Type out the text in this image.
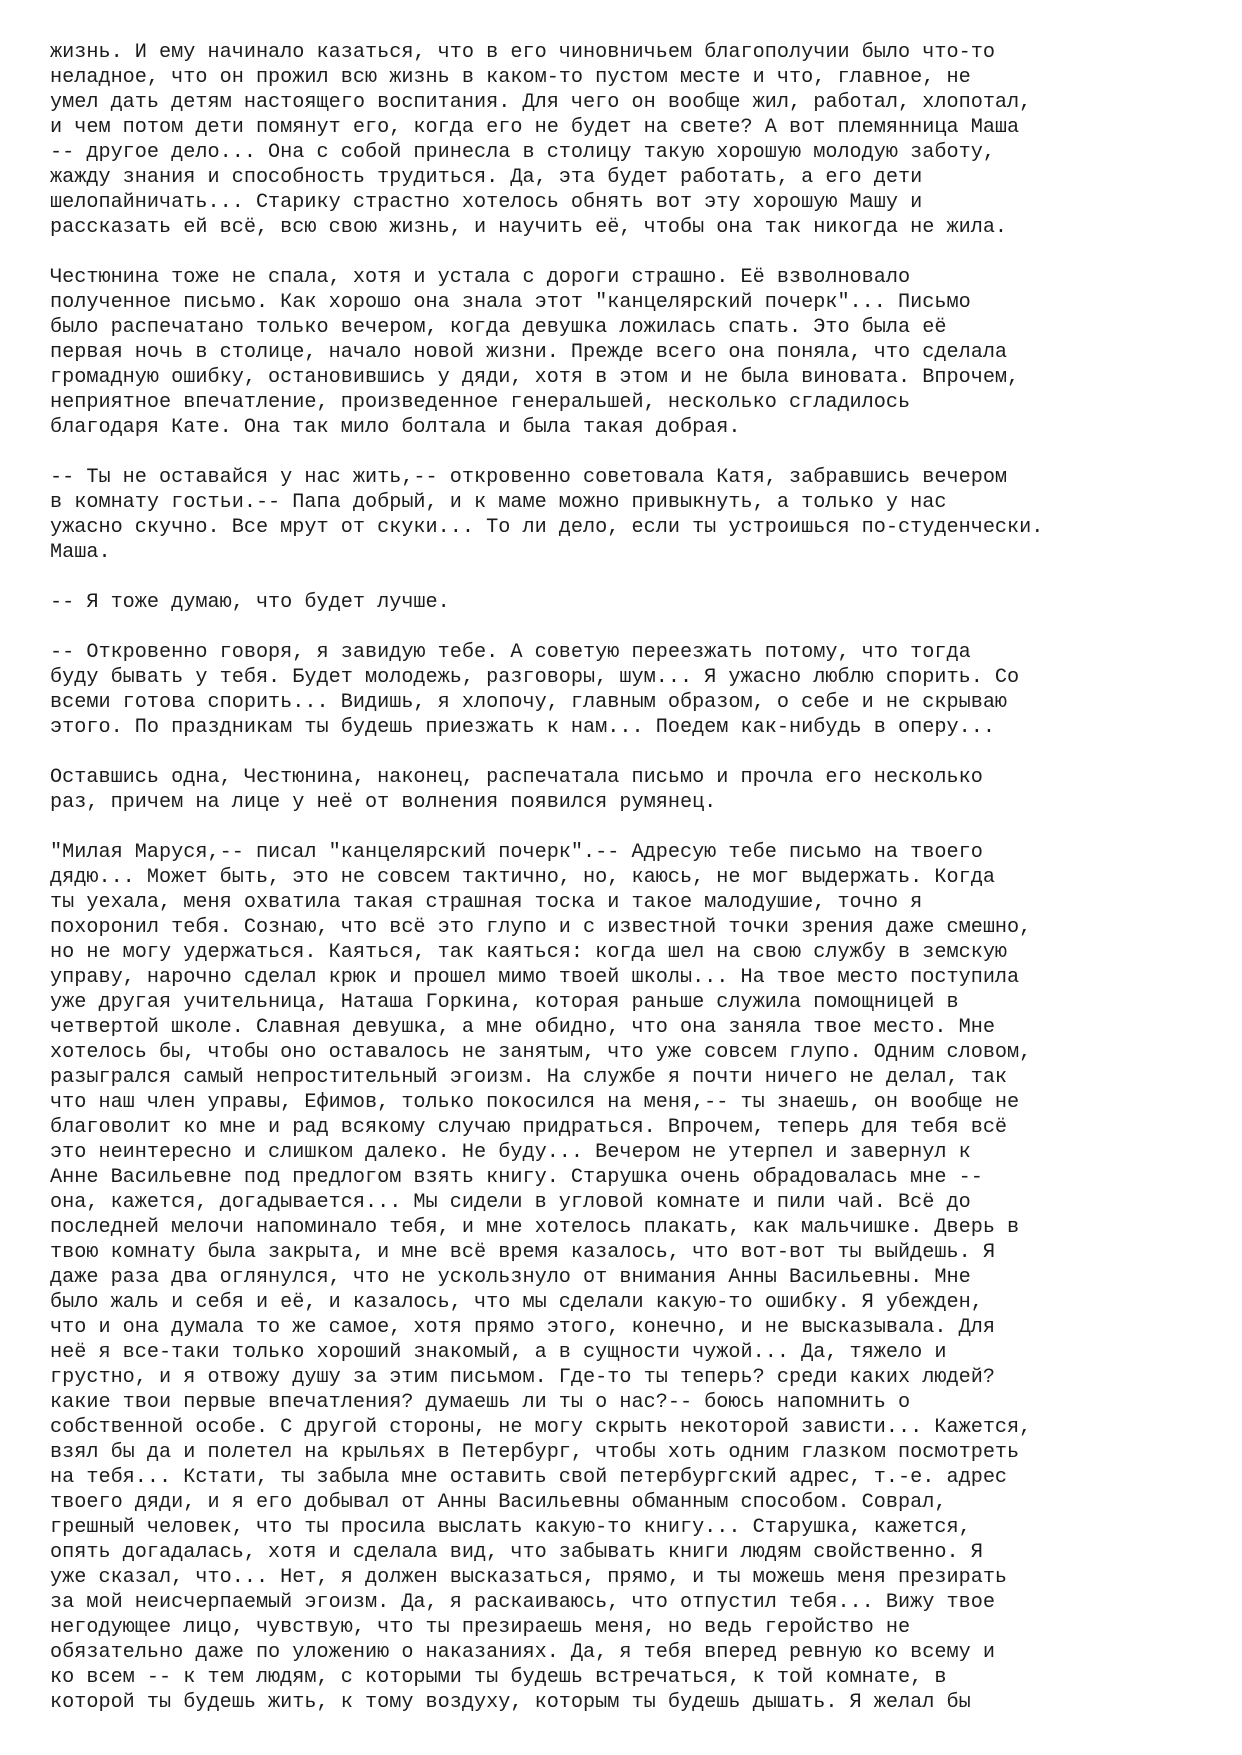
жизнь. И ему начинало казаться, что в его чиновничьем благополучии было что-то
неладное, что он прожил всю жизнь в каком-то пустом месте и что, главное, не
умел дать детям настоящего воспитания. Для чего он вообще жил, работал, хлопотал,
и чем потом дети помянут его, когда его не будет на свете? А вот племянница Маша
-- другое дело... Она с собой принесла в столицу такую хорошую молодую заботу,
жажду знания и способность трудиться. Да, эта будет работать, а его дети
шелопайничать... Старику страстно хотелось обнять вот эту хорошую Машу и
рассказать ей всё, всю свою жизнь, и научить её, чтобы она так никогда не жила.
Честюнина тоже не спала, хотя и устала с дороги страшно. Её взволновало
полученное письмо. Как хорошо она знала этот "канцелярский почерк"... Письмо
было распечатано только вечером, когда девушка ложилась спать. Это была её
первая ночь в столице, начало новой жизни. Прежде всего она поняла, что сделала
громадную ошибку, остановившись у дяди, хотя в этом и не была виновата. Впрочем,
неприятное впечатление, произведенное генеральшей, несколько сгладилось
благодаря Кате. Она так мило болтала и была такая добрая.
-- Ты не оставайся у нас жить,-- откровенно советовала Катя, забравшись вечером
в комнату гостьи.-- Папа добрый, и к маме можно привыкнуть, а только у нас
ужасно скучно. Все мрут от скуки... То ли дело, если ты устроишься по-студенчески.
Маша.
-- Я тоже думаю, что будет лучше.
-- Откровенно говоря, я завидую тебе. А советую переезжать потому, что тогда
буду бывать у тебя. Будет молодежь, разговоры, шум... Я ужасно люблю спорить. Со
всеми готова спорить... Видишь, я хлопочу, главным образом, о себе и не скрываю
этого. По праздникам ты будешь приезжать к нам... Поедем как-нибудь в оперу...
Оставшись одна, Честюнина, наконец, распечатала письмо и прочла его несколько
раз, причем на лице у неё от волнения появился румянец.
"Милая Маруся,-- писал "канцелярский почерк".-- Адресую тебе письмо на твоего
дядю... Может быть, это не совсем тактично, но, каюсь, не мог выдержать. Когда
ты уехала, меня охватила такая страшная тоска и такое малодушие, точно я
похоронил тебя. Сознаю, что всё это глупо и с известной точки зрения даже смешно,
но не могу удержаться. Каяться, так каяться: когда шел на свою службу в земскую
управу, нарочно сделал крюк и прошел мимо твоей школы... На твое место поступила
уже другая учительница, Наташа Горкина, которая раньше служила помощницей в
четвертой школе. Славная девушка, а мне обидно, что она заняла твое место. Мне
хотелось бы, чтобы оно оставалось не занятым, что уже совсем глупо. Одним словом,
разыгрался самый непростительный эгоизм. На службе я почти ничего не делал, так
что наш член управы, Ефимов, только покосился на меня,-- ты знаешь, он вообще не
благоволит ко мне и рад всякому случаю придраться. Впрочем, теперь для тебя всё
это неинтересно и слишком далеко. Не буду... Вечером не утерпел и завернул к
Анне Васильевне под предлогом взять книгу. Старушка очень обрадовалась мне --
она, кажется, догадывается... Мы сидели в угловой комнате и пили чай. Всё до
последней мелочи напоминало тебя, и мне хотелось плакать, как мальчишке. Дверь в
твою комнату была закрыта, и мне всё время казалось, что вот-вот ты выйдешь. Я
даже раза два оглянулся, что не ускользнуло от внимания Анны Васильевны. Мне
было жаль и себя и её, и казалось, что мы сделали какую-то ошибку. Я убежден,
что и она думала то же самое, хотя прямо этого, конечно, и не высказывала. Для
неё я все-таки только хороший знакомый, а в сущности чужой... Да, тяжело и
грустно, и я отвожу душу за этим письмом. Где-то ты теперь? среди каких людей?
какие твои первые впечатления? думаешь ли ты о нас?-- боюсь напомнить о
собственной особе. С другой стороны, не могу скрыть некоторой зависти... Кажется,
взял бы да и полетел на крыльях в Петербург, чтобы хоть одним глазком посмотреть
на тебя... Кстати, ты забыла мне оставить свой петербургский адрес, т.-е. адрес
твоего дяди, и я его добывал от Анны Васильевны обманным способом. Соврал,
грешный человек, что ты просила выслать какую-то книгу... Старушка, кажется,
опять догадалась, хотя и сделала вид, что забывать книги людям свойственно. Я
уже сказал, что... Нет, я должен высказаться, прямо, и ты можешь меня презирать
за мой неисчерпаемый эгоизм. Да, я раскаиваюсь, что отпустил тебя... Вижу твое
негодующее лицо, чувствую, что ты презираешь меня, но ведь геройство не
обязательно даже по уложению о наказаниях. Да, я тебя вперед ревную ко всему и
ко всем -- к тем людям, с которыми ты будешь встречаться, к той комнате, в
которой ты будешь жить, к тому воздуху, которым ты будешь дышать. Я желал бы
